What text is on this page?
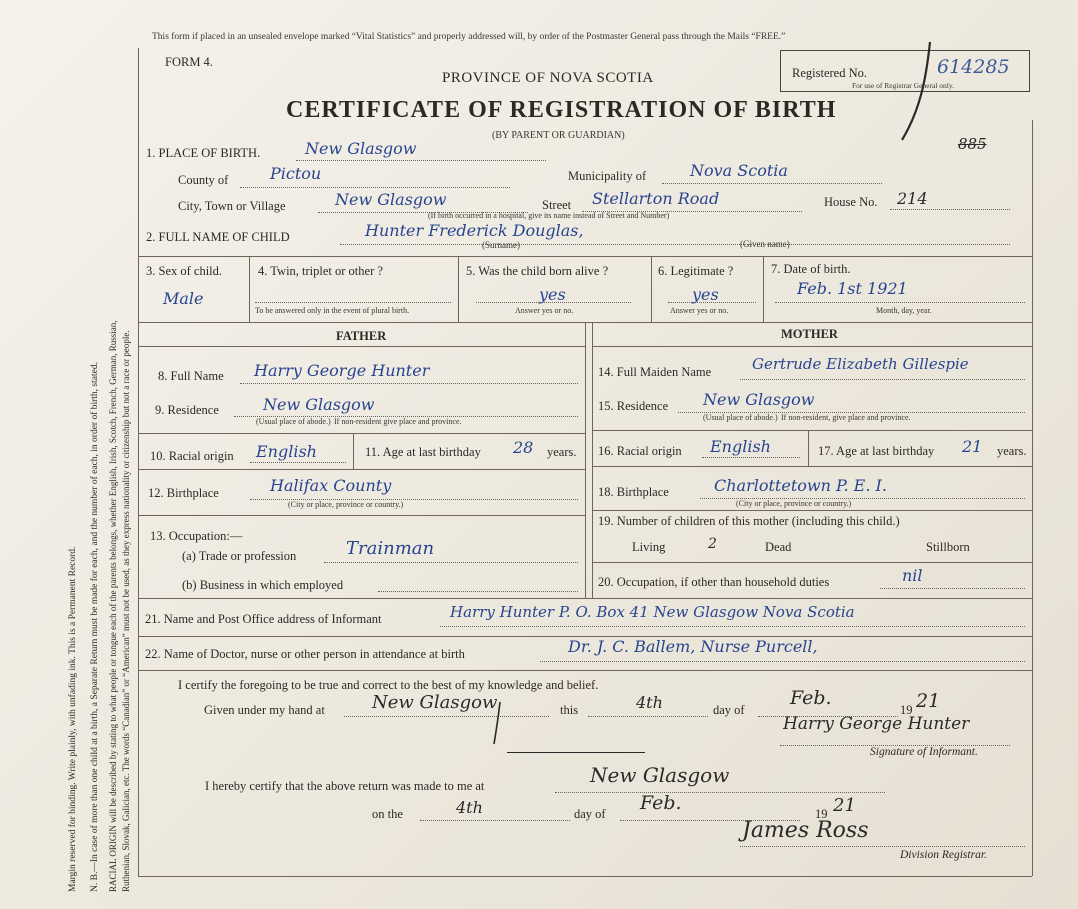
Margin reserved for binding. Write plainly, with unfading ink. This is a Permanent Record. N. B.—In case of more than one child at a birth, a Separate Return must be made for each, and the number of each, in order of birth, stated. RACIAL ORIGIN will be described by stating to what people or tongue each of the parents belongs, whether English, Irish, Scotch, French, German, Russian, Ruthenian, Slovak, Galician, etc. The words “Canadian” or “American” must not be used, as they express nationality or citizenship but not a race or people.
This form if placed in an unsealed envelope marked “Vital Statistics” and properly addressed will, by order of the Postmaster General pass through the Mails “FREE.”
FORM 4.
PROVINCE OF NOVA SCOTIA
CERTIFICATE OF REGISTRATION OF BIRTH
(BY PARENT OR GUARDIAN)
Registered No.	614285
For use of Registrar General only.
885
1. PLACE OF BIRTH.	New Glasgow
County of	Pictou	Municipality of	Nova Scotia
City, Town or Village	New Glasgow	Street Stellarton Road	House No. 214
(If birth occurred in a hospital, give its name instead of Street and Number)
2. FULL NAME OF CHILD	Hunter Frederick Douglas,
(Surname)	(Given name)
3. Sex of child.
Male
4. Twin, triplet or other ?
To be answered only in the event of plural birth.
5. Was the child born alive ?
yes
Answer yes or no.
6. Legitimate ?
yes
Answer yes or no.
7. Date of birth.
Feb. 1st 1921
Month, day, year.
FATHER	MOTHER
8. Full Name Harry George Hunter
9. Residence	New Glasgow
(Usual place of abode.) If non-resident give place and province.
10. Racial origin English	11. Age at last birthday 28 years.
12. Birthplace	Halifax County
(City or place, province or country.)
13. Occupation:—
(a) Trade or profession	Trainman
(b) Business in which employed
14. Full Maiden Name	Gertrude Elizabeth Gillespie
15. Residence New Glasgow
(Usual place of abode.) If non-resident, give place and province.
16. Racial origin English	17. Age at last birthday 21 years.
18. Birthplace	Charlottetown P. E. I.
(City or place, province or country.)
19. Number of children of this mother (including this child.)
Living	2	Dead	Stillborn
20. Occupation, if other than household duties	nil
21. Name and Post Office address of Informant	Harry Hunter P. O. Box 41 New Glasgow Nova Scotia
22. Name of Doctor, nurse or other person in attendance at birth	Dr. J. C. Ballem, Nurse Purcell,
I certify the foregoing to be true and correct to the best of my knowledge and belief.
Given under my hand at	New Glasgow	this	4th	day of
Feb.
19 21
Harry George Hunter
Signature of Informant.
I hereby certify that the above return was made to me at	New Glasgow
on the	4th	day of Feb.	19 21
James Ross
Division Registrar.
